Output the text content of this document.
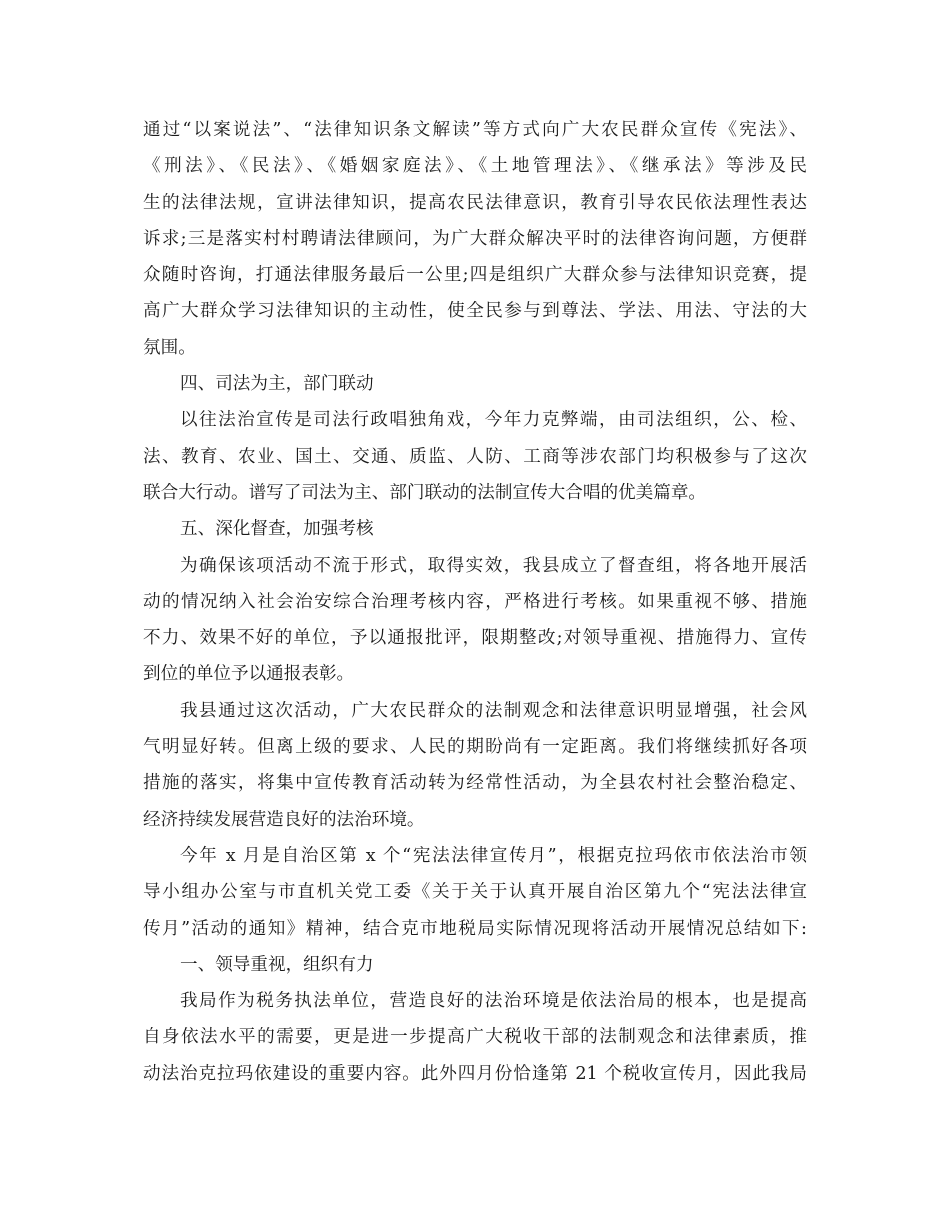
通过“以案说法”、“法律知识条文解读”等方式向广大农民群众宣传《宪法》、
《刑法》、《民法》、《婚姻家庭法》、《土地管理法》、《继承法》等涉及民
生的法律法规，宣讲法律知识，提高农民法律意识，教育引导农民依法理性表达
诉求;三是落实村村聘请法律顾问，为广大群众解决平时的法律咨询问题，方便群
众随时咨询，打通法律服务最后一公里;四是组织广大群众参与法律知识竞赛，提
高广大群众学习法律知识的主动性，使全民参与到尊法、学法、用法、守法的大
氛围。
四、司法为主，部门联动
以往法治宣传是司法行政唱独角戏，今年力克弊端，由司法组织，公、检、
法、教育、农业、国土、交通、质监、人防、工商等涉农部门均积极参与了这次
联合大行动。谱写了司法为主、部门联动的法制宣传大合唱的优美篇章。
五、深化督查，加强考核
为确保该项活动不流于形式，取得实效，我县成立了督查组，将各地开展活
动的情况纳入社会治安综合治理考核内容，严格进行考核。如果重视不够、措施
不力、效果不好的单位，予以通报批评，限期整改;对领导重视、措施得力、宣传
到位的单位予以通报表彰。
我县通过这次活动，广大农民群众的法制观念和法律意识明显增强，社会风
气明显好转。但离上级的要求、人民的期盼尚有一定距离。我们将继续抓好各项
措施的落实，将集中宣传教育活动转为经常性活动，为全县农村社会整治稳定、
经济持续发展营造良好的法治环境。
今年 x 月是自治区第 x 个“宪法法律宣传月”，根据克拉玛依市依法治市领
导小组办公室与市直机关党工委《关于关于认真开展自治区第九个“宪法法律宣
传月”活动的通知》精神，结合克市地税局实际情况现将活动开展情况总结如下:
一、领导重视，组织有力
我局作为税务执法单位，营造良好的法治环境是依法治局的根本，也是提高
自身依法水平的需要，更是进一步提高广大税收干部的法制观念和法律素质，推
动法治克拉玛依建设的重要内容。此外四月份恰逢第 21 个税收宣传月，因此我局
